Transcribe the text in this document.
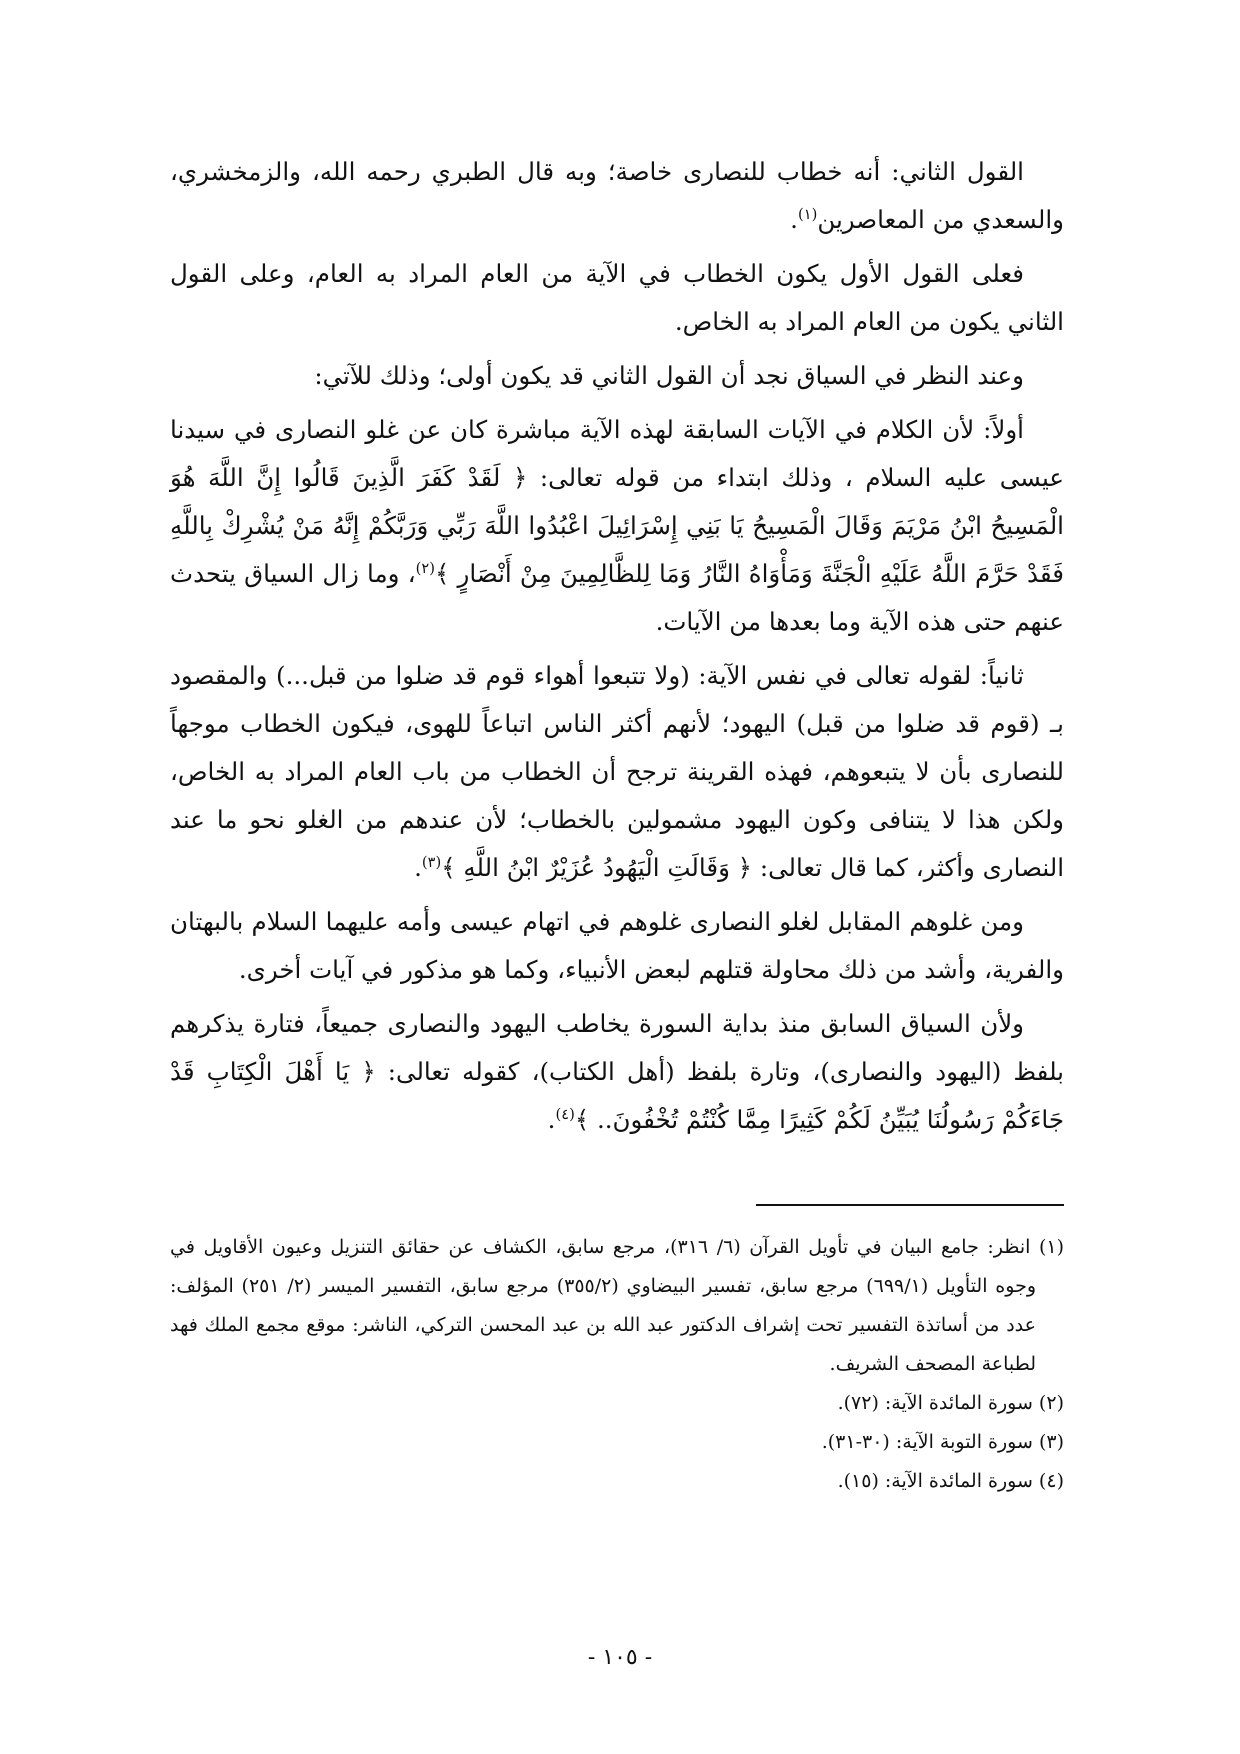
القول الثاني: أنه خطاب للنصارى خاصة؛ وبه قال الطبري رحمه الله، والزمخشري، والسعدي من المعاصرين$^{(١)}$.

فعلى القول الأول يكون الخطاب في الآية من العام المراد به العام، وعلى القول الثاني يكون من العام المراد به الخاص.

وعند النظر في السياق نجد أن القول الثاني قد يكون أولى؛ وذلك للآتي:

أولاً: لأن الكلام في الآيات السابقة لهذه الآية مباشرة كان عن غلو النصارى في سيدنا عيسى عليه السلام ، وذلك ابتداء من قوله تعالى: ﴿ لَقَدْ كَفَرَ الَّذِينَ قَالُوا إِنَّ اللَّهَ هُوَ الْمَسِيحُ ابْنُ مَرْيَمَ وَقَالَ الْمَسِيحُ يَا بَنِي إِسْرَائِيلَ اعْبُدُوا اللَّهَ رَبِّي وَرَبَّكُمْ إِنَّهُ مَنْ يُشْرِكْ بِاللَّهِ فَقَدْ حَرَّمَ اللَّهُ عَلَيْهِ الْجَنَّةَ وَمَأْوَاهُ النَّارُ وَمَا لِلظَّالِمِينَ مِنْ أَنْصَارٍ ﴾$^{(٢)}$، وما زال السياق يتحدث عنهم حتى هذه الآية وما بعدها من الآيات.

ثانياً: لقوله تعالى في نفس الآية: (ولا تتبعوا أهواء قوم قد ضلوا من قبل...) والمقصود بـ (قوم قد ضلوا من قبل) اليهود؛ لأنهم أكثر الناس اتباعاً للهوى، فيكون الخطاب موجهاً للنصارى بأن لا يتبعوهم، فهذه القرينة ترجح أن الخطاب من باب العام المراد به الخاص، ولكن هذا لا يتنافى وكون اليهود مشمولين بالخطاب؛ لأن عندهم من الغلو نحو ما عند النصارى وأكثر، كما قال تعالى: ﴿ وَقَالَتِ الْيَهُودُ عُزَيْرٌ ابْنُ اللَّهِ ﴾$^{(٣)}$.

ومن غلوهم المقابل لغلو النصارى غلوهم في اتهام عيسى وأمه عليهما السلام بالبهتان والفرية، وأشد من ذلك محاولة قتلهم لبعض الأنبياء، وكما هو مذكور في آيات أخرى.

ولأن السياق السابق منذ بداية السورة يخاطب اليهود والنصارى جميعاً، فتارة يذكرهم بلفظ (اليهود والنصارى)، وتارة بلفظ (أهل الكتاب)، كقوله تعالى: ﴿ يَا أَهْلَ الْكِتَابِ قَدْ جَاءَكُمْ رَسُولُنَا يُبَيِّنُ لَكُمْ كَثِيرًا مِمَّا كُنْتُمْ تُخْفُونَ.. ﴾$^{(٤)}$.

(١) انظر: جامع البيان في تأويل القرآن (٦/ ٣١٦)، مرجع سابق، الكشاف عن حقائق التنزيل وعيون الأقاويل في وجوه التأويل (٦٩٩/١) مرجع سابق، تفسير البيضاوي (٣٥٥/٢) مرجع سابق، التفسير الميسر (٢/ ٢٥١) المؤلف: عدد من أساتذة التفسير تحت إشراف الدكتور عبد الله بن عبد المحسن التركي، الناشر: موقع مجمع الملك فهد لطباعة المصحف الشريف.

(٢) سورة المائدة الآية: (٧٢).

(٣) سورة التوبة الآية: (٣٠-٣١).

(٤) سورة المائدة الآية: (١٥).

- ١٠٥ -
